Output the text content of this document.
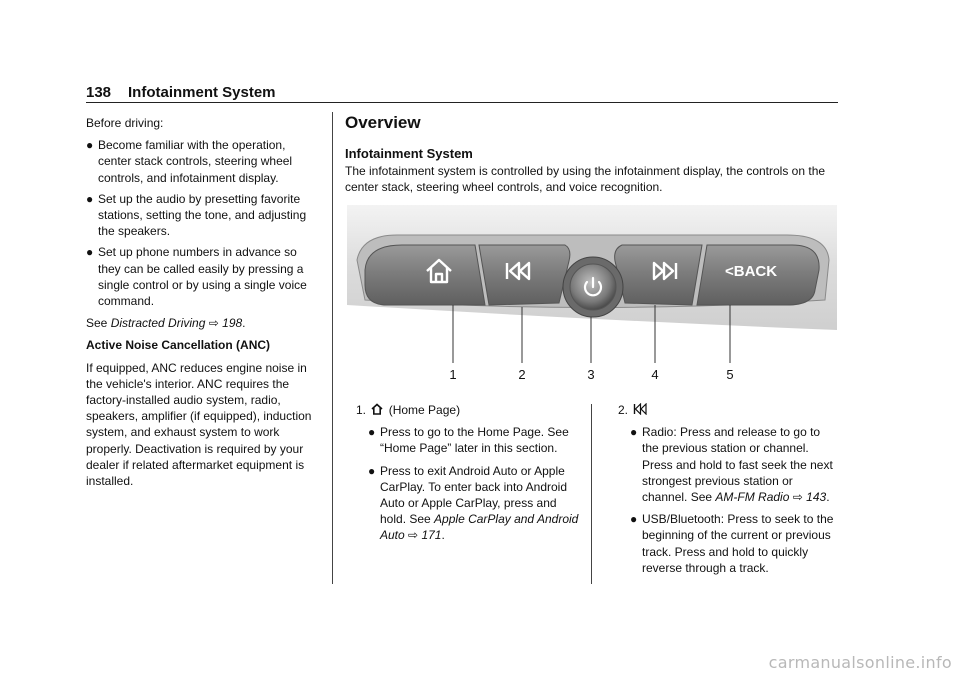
138 Infotainment System

Before driving:

● Become familiar with the operation, center stack controls, steering wheel controls, and infotainment display.
● Set up the audio by presetting favorite stations, setting the tone, and adjusting the speakers.
● Set up phone numbers in advance so they can be called easily by pressing a single control or by using a single voice command.

See Distracted Driving ⇨ 198.

Active Noise Cancellation (ANC)

If equipped, ANC reduces engine noise in the vehicle's interior. ANC requires the factory-installed audio system, radio, speakers, amplifier (if equipped), induction system, and exhaust system to work properly. Deactivation is required by your dealer if related aftermarket equipment is installed.

Overview
Infotainment System
The infotainment system is controlled by using the infotainment display, the controls on the center stack, steering wheel controls, and voice recognition.
<BACK
1	2	3	4	5
1. (Home Page)
● Press to go to the Home Page. See “Home Page” later in this section.
● Press to exit Android Auto or Apple CarPlay. To enter back into Android Auto or Apple CarPlay, press and hold. See Apple CarPlay and Android Auto ⇨ 171.
2.
● Radio: Press and release to go to the previous station or channel. Press and hold to fast seek the next strongest previous station or channel. See AM-FM Radio ⇨ 143.
● USB/Bluetooth: Press to seek to the beginning of the current or previous track. Press and hold to quickly reverse through a track.
carmanualsonline.info
